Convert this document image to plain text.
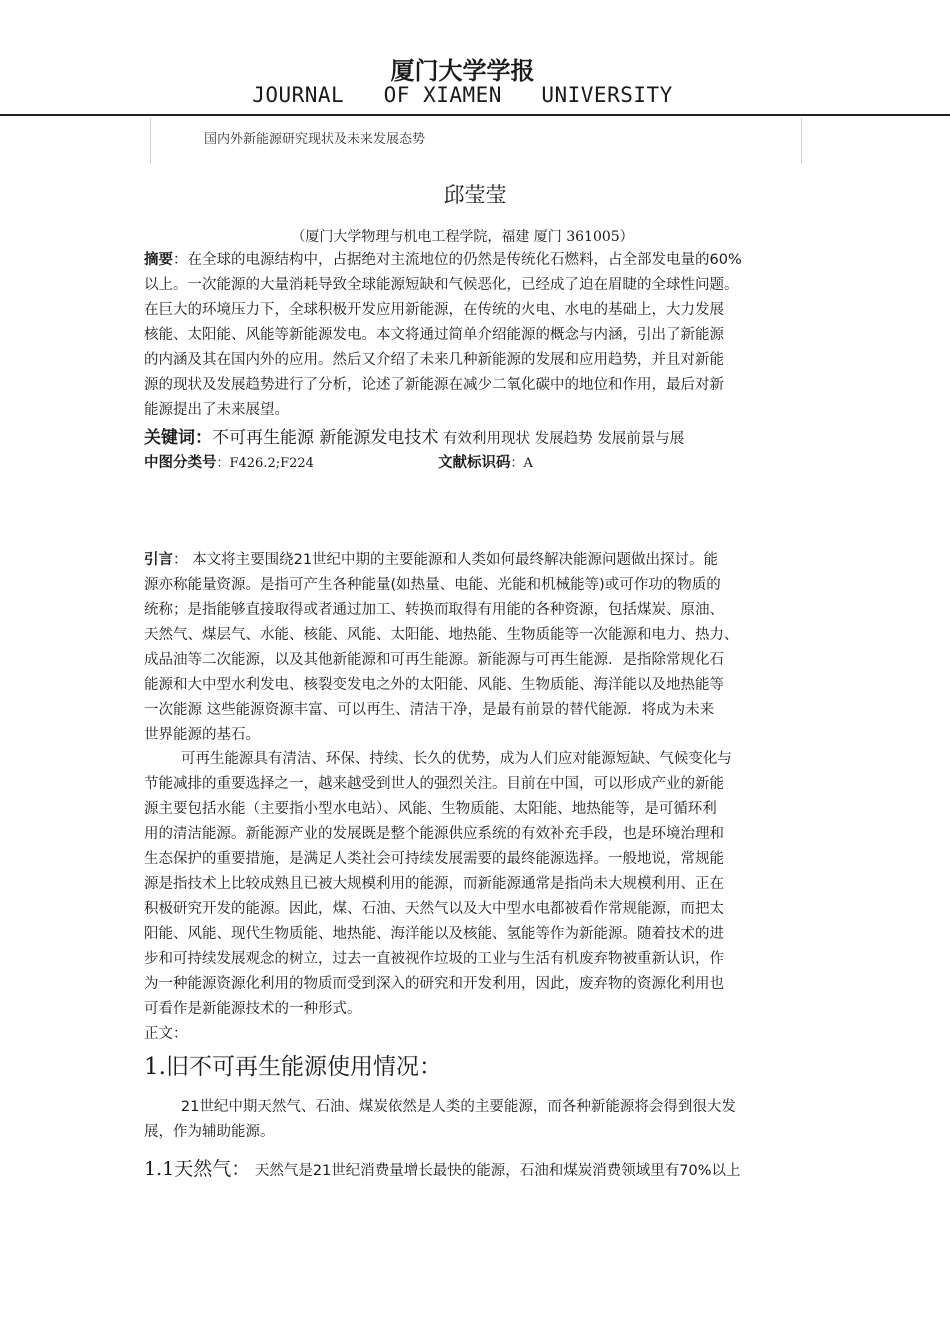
厦门大学学报
JOURNAL   OF XIAMEN   UNIVERSITY
国内外新能源研究现状及未来发展态势
邱莹莹
（厦门大学物理与机电工程学院，福建 厦门 361005）
摘要：在全球的电源结构中，占据绝对主流地位的仍然是传统化石燃料，占全部发电量的60%
以上。一次能源的大量消耗导致全球能源短缺和气候恶化，已经成了迫在眉睫的全球性问题。
在巨大的环境压力下，全球积极开发应用新能源，在传统的火电、水电的基础上，大力发展
核能、太阳能、风能等新能源发电。本文将通过简单介绍能源的概念与内涵，引出了新能源
的内涵及其在国内外的应用。然后又介绍了未来几种新能源的发展和应用趋势，并且对新能
源的现状及发展趋势进行了分析，论述了新能源在减少二氧化碳中的地位和作用，最后对新
能源提出了未来展望。
关键词：不可再生能源 新能源发电技术 有效利用现状 发展趋势 发展前景与展
中图分类号：F426.2;F224	文献标识码：A
引言： 本文将主要围绕21世纪中期的主要能源和人类如何最终解决能源问题做出探讨。能
源亦称能量资源。是指可产生各种能量(如热量、电能、光能和机械能等)或可作功的物质的
统称；是指能够直接取得或者通过加工、转换而取得有用能的各种资源，包括煤炭、原油、
天然气、煤层气、水能、核能、风能、太阳能、地热能、生物质能等一次能源和电力、热力、
成品油等二次能源，以及其他新能源和可再生能源。新能源与可再生能源．是指除常规化石
能源和大中型水利发电、核裂变发电之外的太阳能、风能、生物质能、海洋能以及地热能等
一次能源 这些能源资源丰富、可以再生、清洁干净，是最有前景的替代能源．将成为未来
世界能源的基石。
可再生能源具有清洁、环保、持续、长久的优势，成为人们应对能源短缺、气候变化与
节能减排的重要选择之一，越来越受到世人的强烈关注。目前在中国，可以形成产业的新能
源主要包括水能（主要指小型水电站）、风能、生物质能、太阳能、地热能等，是可循环利
用的清洁能源。新能源产业的发展既是整个能源供应系统的有效补充手段，也是环境治理和
生态保护的重要措施，是满足人类社会可持续发展需要的最终能源选择。一般地说，常规能
源是指技术上比较成熟且已被大规模利用的能源，而新能源通常是指尚未大规模利用、正在
积极研究开发的能源。因此，煤、石油、天然气以及大中型水电都被看作常规能源，而把太
阳能、风能、现代生物质能、地热能、海洋能以及核能、氢能等作为新能源。随着技术的进
步和可持续发展观念的树立，过去一直被视作垃圾的工业与生活有机废弃物被重新认识，作
为一种能源资源化利用的物质而受到深入的研究和开发利用，因此，废弃物的资源化利用也
可看作是新能源技术的一种形式。
正文：
1.旧不可再生能源使用情况：
21世纪中期天然气、石油、煤炭依然是人类的主要能源，而各种新能源将会得到很大发
展，作为辅助能源。
1.1天然气： 天然气是21世纪消费量增长最快的能源，石油和煤炭消费领域里有70%以上
